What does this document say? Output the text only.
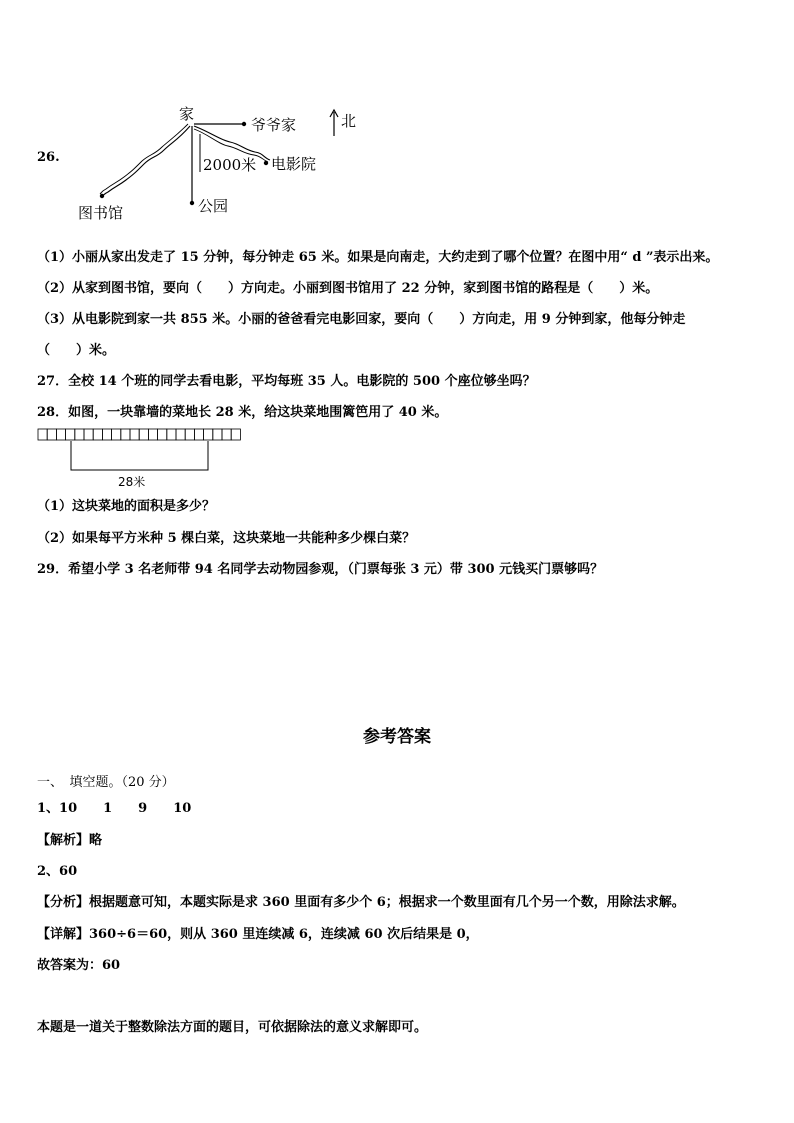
26.
家
爷爷家	北
2000米 电影院
图书馆	公园
（1）小丽从家出发走了 15 分钟，每分钟走 65 米。如果是向南走，大约走到了哪个位置？在图中用“ d ”表示出来。
（2）从家到图书馆，要向（　　）方向走。小丽到图书馆用了 22 分钟，家到图书馆的路程是（　　）米。
（3）从电影院到家一共 855 米。小丽的爸爸看完电影回家，要向（　　）方向走，用 9 分钟到家，他每分钟走
（　　）米。
27．全校 14 个班的同学去看电影，平均每班 35 人。电影院的 500 个座位够坐吗？
28．如图，一块靠墙的菜地长 28 米，给这块菜地围篱笆用了 40 米。
28米
（1）这块菜地的面积是多少？
（2）如果每平方米种 5 棵白菜，这块菜地一共能种多少棵白菜？
29．希望小学 3 名老师带 94 名同学去动物园参观，（门票每张 3 元）带 300 元钱买门票够吗？
参考答案
一、　填空题。（20 分）
1、10　　1　　9　　10
【解析】略
2、60
【分析】根据题意可知，本题实际是求 360 里面有多少个 6；根据求一个数里面有几个另一个数，用除法求解。
【详解】360÷6＝60，则从 360 里连续减 6，连续减 60 次后结果是 0，
故答案为：60
本题是一道关于整数除法方面的题目，可依据除法的意义求解即可。
